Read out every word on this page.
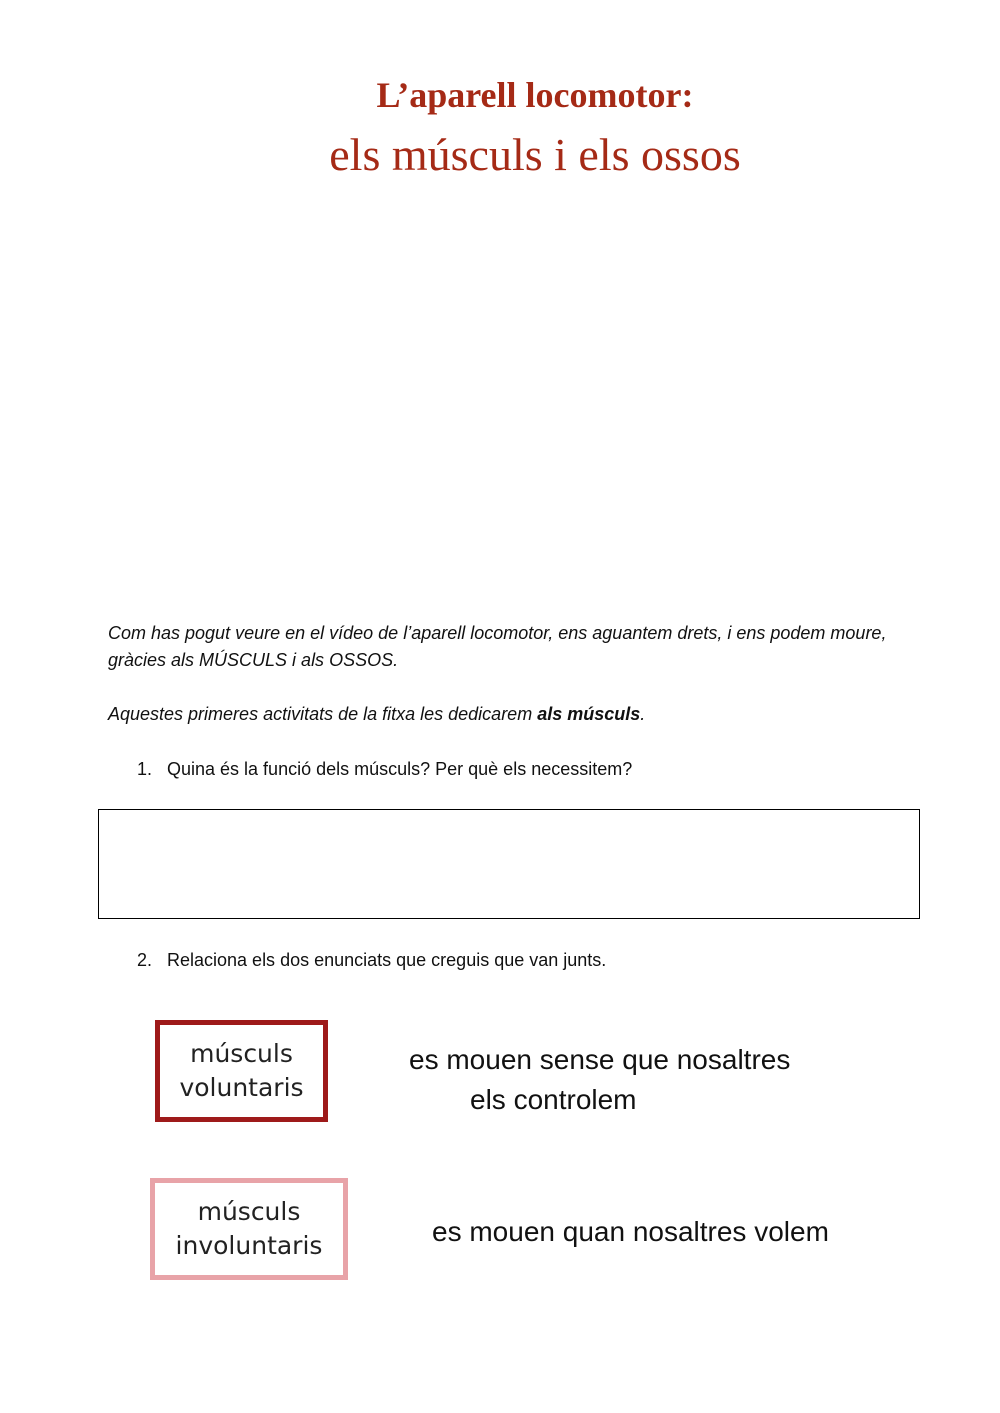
L’aparell locomotor:
els músculs i els ossos

Com has pogut veure en el vídeo de l’aparell locomotor, ens aguantem drets, i ens podem moure, gràcies als MÚSCULS i als OSSOS.

Aquestes primeres activitats de la fitxa les dedicarem als músculs.

1. Quina és la funció dels músculs? Per què els necessitem?
2. Relaciona els dos enunciats que creguis que van junts.
músculs
voluntaris
músculs
involuntaris
es mouen sense que nosaltres
els controlem
es mouen quan nosaltres volem
